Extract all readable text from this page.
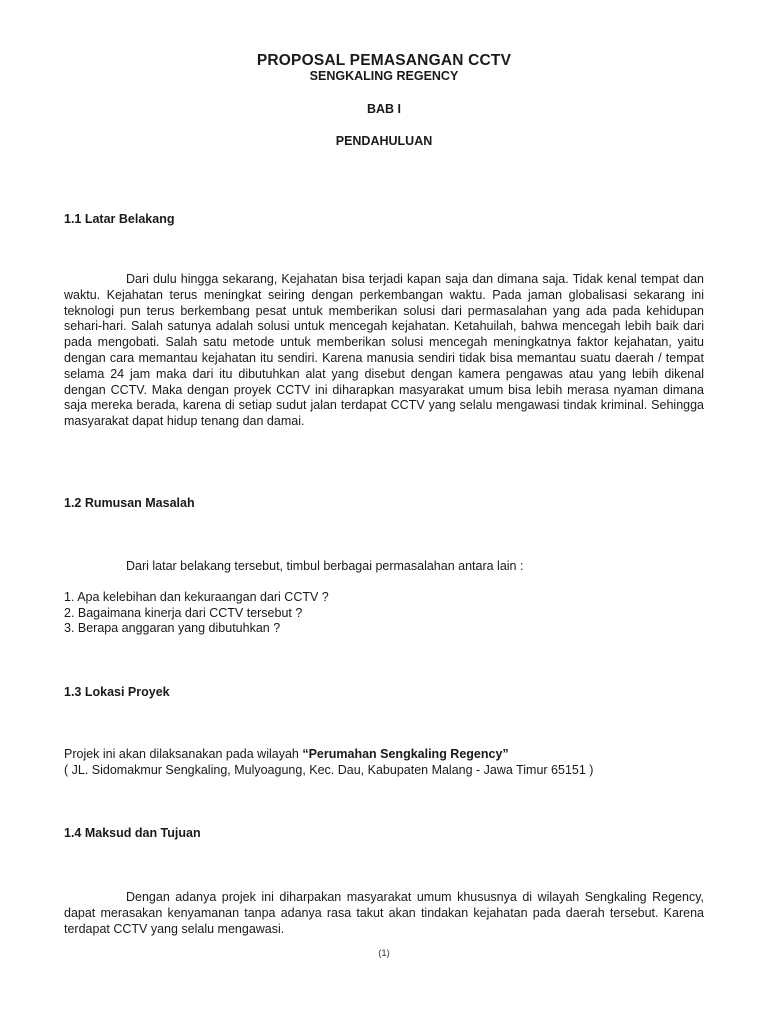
PROPOSAL PEMASANGAN CCTV
SENGKALING REGENCY
BAB I
PENDAHULUAN
1.1 Latar Belakang
Dari dulu hingga sekarang, Kejahatan bisa terjadi kapan saja dan dimana saja. Tidak kenal tempat dan waktu. Kejahatan terus meningkat seiring dengan perkembangan waktu. Pada jaman globalisasi sekarang ini teknologi pun terus berkembang pesat untuk memberikan solusi dari permasalahan yang ada pada kehidupan sehari-hari. Salah satunya adalah solusi untuk mencegah kejahatan. Ketahuilah, bahwa mencegah lebih baik dari pada mengobati. Salah satu metode untuk memberikan solusi mencegah meningkatnya faktor kejahatan, yaitu dengan cara memantau kejahatan itu sendiri. Karena manusia sendiri tidak bisa memantau suatu daerah / tempat selama 24 jam maka dari itu dibutuhkan alat yang disebut dengan kamera pengawas atau yang lebih dikenal dengan CCTV. Maka dengan proyek CCTV ini diharapkan masyarakat umum bisa lebih merasa nyaman dimana saja mereka berada, karena di setiap sudut jalan terdapat CCTV yang selalu mengawasi tindak kriminal. Sehingga masyarakat dapat hidup tenang dan damai.
1.2 Rumusan Masalah
Dari latar belakang tersebut, timbul berbagai permasalahan antara lain :
1. Apa kelebihan dan kekuraangan dari CCTV ?
2. Bagaimana kinerja dari CCTV tersebut ?
3. Berapa anggaran yang dibutuhkan ?
1.3 Lokasi Proyek
Projek ini akan dilaksanakan pada wilayah “Perumahan Sengkaling Regency”
( JL. Sidomakmur Sengkaling, Mulyoagung, Kec. Dau, Kabupaten Malang - Jawa Timur 65151 )
1.4 Maksud dan Tujuan
Dengan adanya projek ini diharpakan masyarakat umum khususnya di wilayah Sengkaling Regency, dapat merasakan kenyamanan tanpa adanya rasa takut akan tindakan kejahatan pada daerah tersebut. Karena terdapat CCTV yang selalu mengawasi.
(1)
